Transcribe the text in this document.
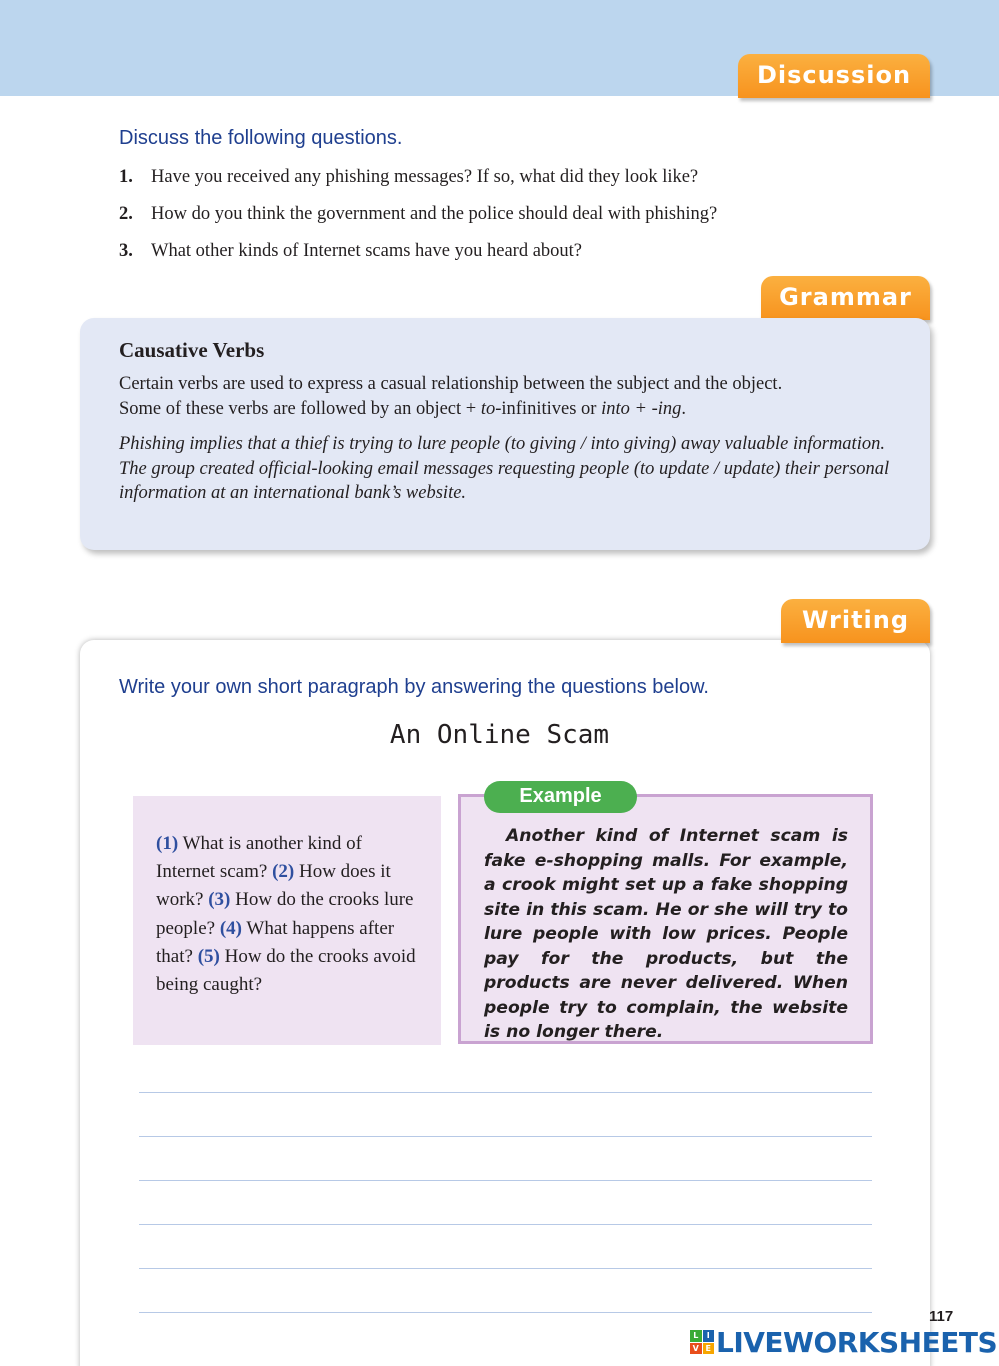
Discussion
Discuss the following questions.
1. Have you received any phishing messages? If so, what did they look like?
2. How do you think the government and the police should deal with phishing?
3. What other kinds of Internet scams have you heard about?
Grammar
Causative Verbs
Certain verbs are used to express a casual relationship between the subject and the object.
Some of these verbs are followed by an object + to-infinitives or into + -ing.
Phishing implies that a thief is trying to lure people (to giving / into giving) away valuable information.
The group created official-looking email messages requesting people (to update / update) their personal information at an international bank’s website.
Writing
Write your own short paragraph by answering the questions below.
An Online Scam
(1) What is another kind of Internet scam? (2) How does it work? (3) How do the crooks lure people? (4) What happens after that? (5) How do the crooks avoid being caught?
Example
Another kind of Internet scam is fake e-shopping malls. For example, a crook might set up a fake shopping site in this scam. He or she will try to lure people with low prices. People pay for the products, but the products are never delivered. When people try to complain, the website is no longer there.
117
L	I
V E LIVEWORKSHEETS
